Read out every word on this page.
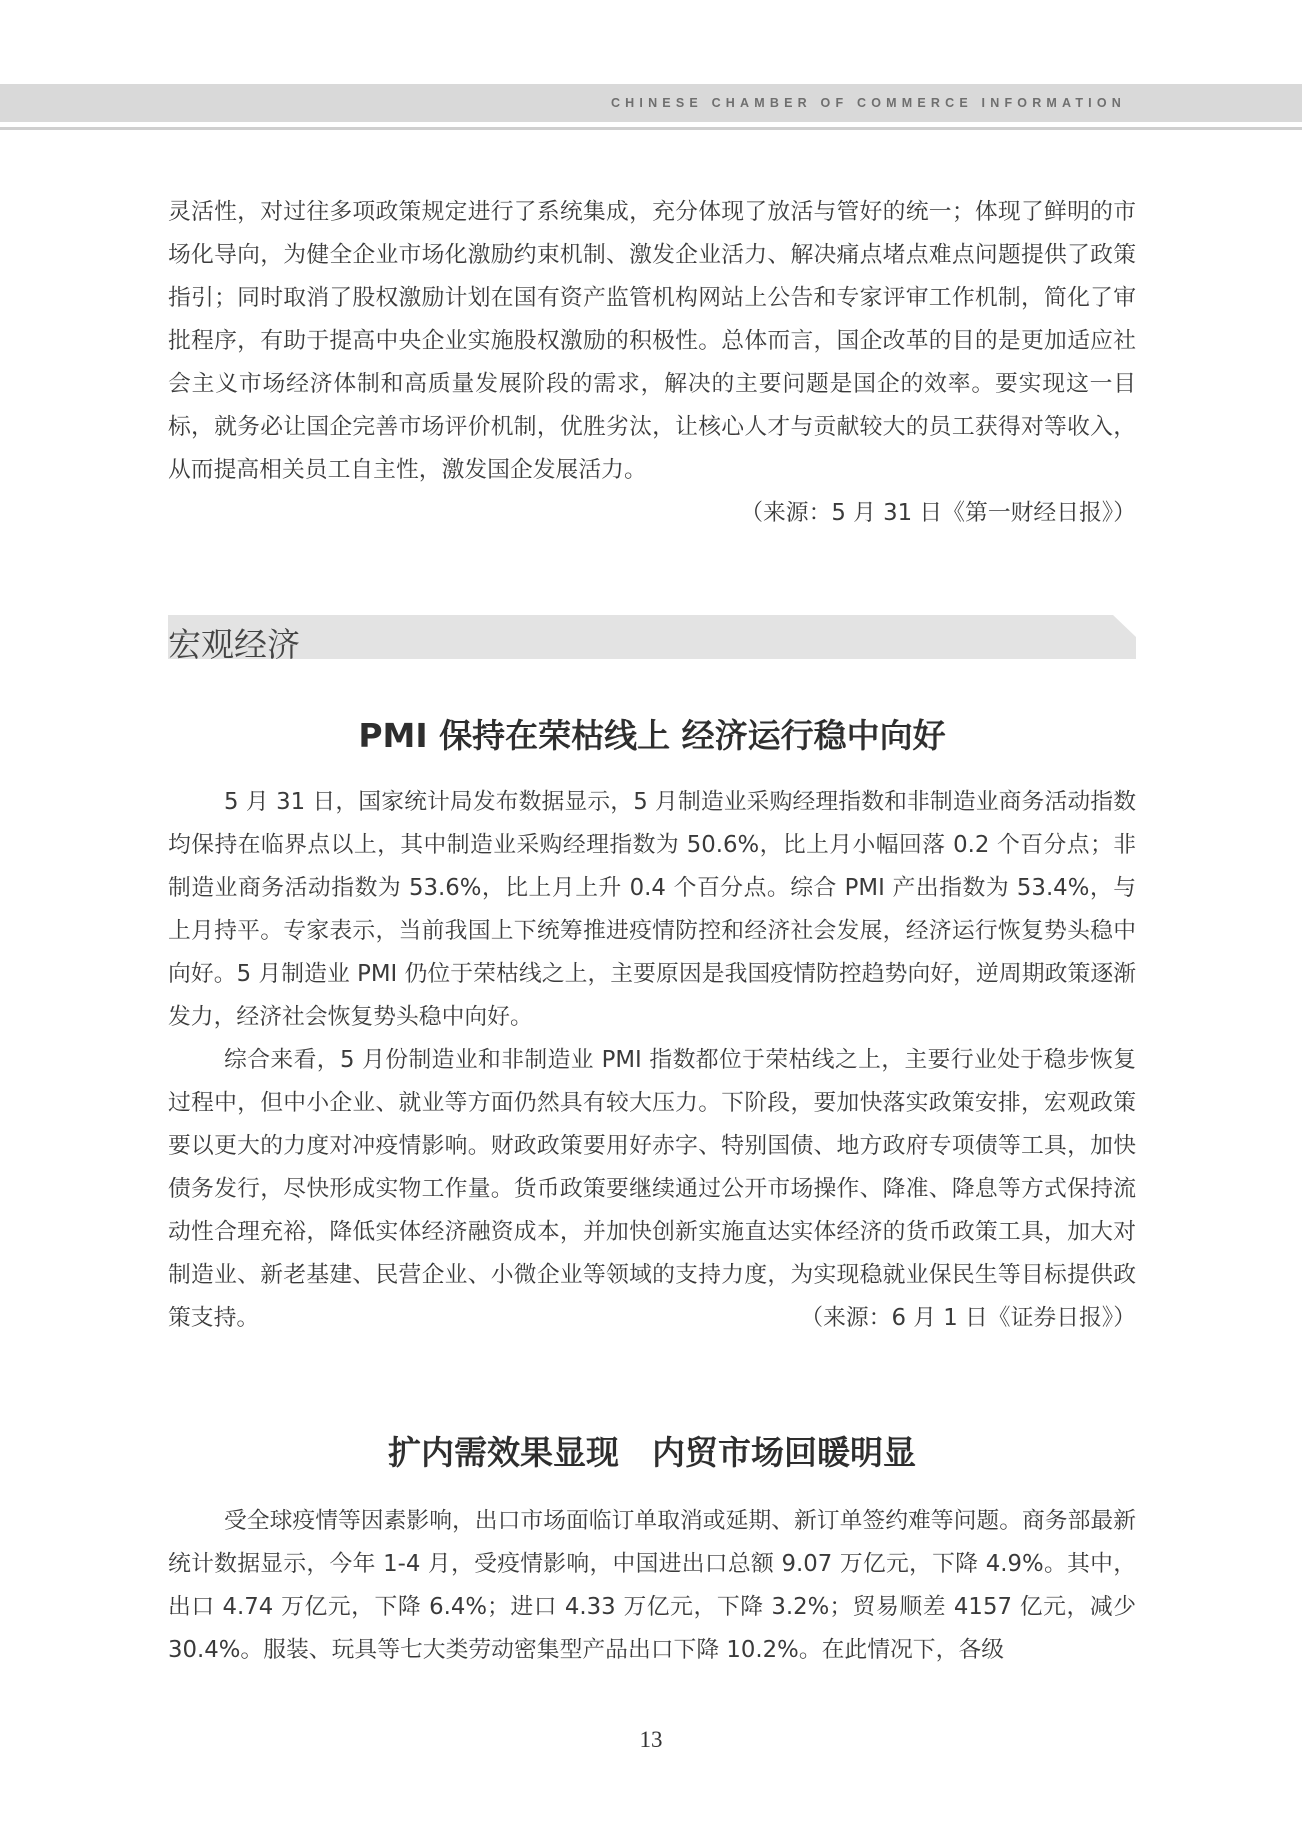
CHINESE CHAMBER OF COMMERCE INFORMATION

灵活性，对过往多项政策规定进行了系统集成，充分体现了放活与管好的统一；体现了鲜明的市场化导向，为健全企业市场化激励约束机制、激发企业活力、解决痛点堵点难点问题提供了政策指引；同时取消了股权激励计划在国有资产监管机构网站上公告和专家评审工作机制，简化了审批程序，有助于提高中央企业实施股权激励的积极性。总体而言，国企改革的目的是更加适应社会主义市场经济体制和高质量发展阶段的需求，解决的主要问题是国企的效率。要实现这一目标，就务必让国企完善市场评价机制，优胜劣汰，让核心人才与贡献较大的员工获得对等收入，从而提高相关员工自主性，激发国企发展活力。

（来源：5 月 31 日《第一财经日报》）

宏观经济
PMI 保持在荣枯线上 经济运行稳中向好

5 月 31 日，国家统计局发布数据显示，5 月制造业采购经理指数和非制造业商务活动指数均保持在临界点以上，其中制造业采购经理指数为 50.6%，比上月小幅回落 0.2 个百分点；非制造业商务活动指数为 53.6%，比上月上升 0.4 个百分点。综合 PMI 产出指数为 53.4%，与上月持平。专家表示，当前我国上下统筹推进疫情防控和经济社会发展，经济运行恢复势头稳中向好。5 月制造业 PMI 仍位于荣枯线之上，主要原因是我国疫情防控趋势向好，逆周期政策逐渐发力，经济社会恢复势头稳中向好。

综合来看，5 月份制造业和非制造业 PMI 指数都位于荣枯线之上，主要行业处于稳步恢复过程中，但中小企业、就业等方面仍然具有较大压力。下阶段，要加快落实政策安排，宏观政策要以更大的力度对冲疫情影响。财政政策要用好赤字、特别国债、地方政府专项债等工具，加快债务发行，尽快形成实物工作量。货币政策要继续通过公开市场操作、降准、降息等方式保持流动性合理充裕，降低实体经济融资成本，并加快创新实施直达实体经济的货币政策工具，加大对制造业、新老基建、民营企业、小微企业等领域的支持力度，为实现稳就业保民生等目标提供政策支持。	（来源：6 月 1 日《证券日报》）

扩内需效果显现　内贸市场回暖明显

受全球疫情等因素影响，出口市场面临订单取消或延期、新订单签约难等问题。商务部最新统计数据显示，今年 1-4 月，受疫情影响，中国进出口总额 9.07 万亿元，下降 4.9%。其中，出口 4.74 万亿元，下降 6.4%；进口 4.33 万亿元，下降 3.2%；贸易顺差 4157 亿元，减少 30.4%。服装、玩具等七大类劳动密集型产品出口下降 10.2%。在此情况下，各级

13
